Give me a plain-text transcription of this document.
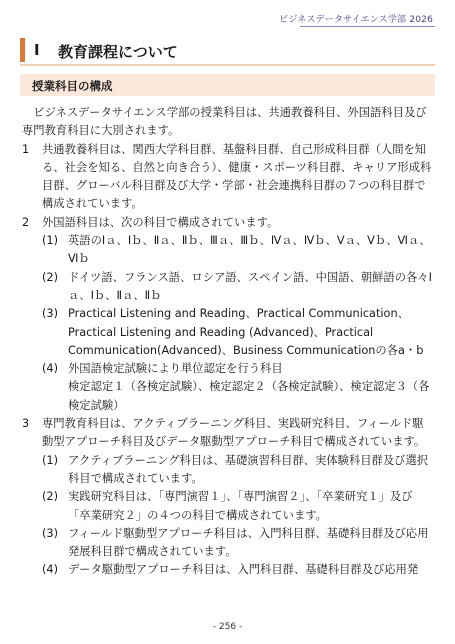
ビジネスデータサイエンス学部 2026
I 教育課程について
授業科目の構成

ビジネスデータサイエンス学部の授業科目は、共通教養科目、外国語科目及び専門教育科目に大別されます。

1 共通教養科目は、関西大学科目群、基盤科目群、自己形成科目群（人間を知る、社会を知る、自然と向き合う）、健康・スポーツ科目群、キャリア形成科目群、グローバル科目群及び大学・学部・社会連携科目群の７つの科目群で構成されています。
2 外国語科目は、次の科目で構成されています。
(1) 英語のⅠａ、Ⅰｂ、Ⅱａ、Ⅱｂ、Ⅲａ、Ⅲｂ、Ⅳａ、Ⅳｂ、Ⅴａ、Ⅴｂ、Ⅵａ、Ⅵｂ
(2) ドイツ語、フランス語、ロシア語、スペイン語、中国語、朝鮮語の各々Ⅰａ、Ⅰｂ、Ⅱａ、Ⅱｂ
(3) Practical Listening and Reading、Practical Communication、Practical Listening and Reading (Advanced)、Practical Communication(Advanced)、Business Communicationの各a・b
(4) 外国語検定試験により単位認定を行う科目
検定認定１（各検定試験）、検定認定２（各検定試験）、検定認定３（各検定試験）
3 専門教育科目は、アクティブラーニング科目、実践研究科目、フィールド駆動型アプローチ科目及びデータ駆動型アプローチ科目で構成されています。
(1) アクティブラーニング科目は、基礎演習科目群、実体験科目群及び選択科目で構成されています。
(2) 実践研究科目は、「専門演習１」、「専門演習２」、「卒業研究１」及び「卒業研究２」の４つの科目で構成されています。
(3) フィールド駆動型アプローチ科目は、入門科目群、基礎科目群及び応用発展科目群で構成されています。
(4) データ駆動型アプローチ科目は、入門科目群、基礎科目群及び応用発
- 256 -
